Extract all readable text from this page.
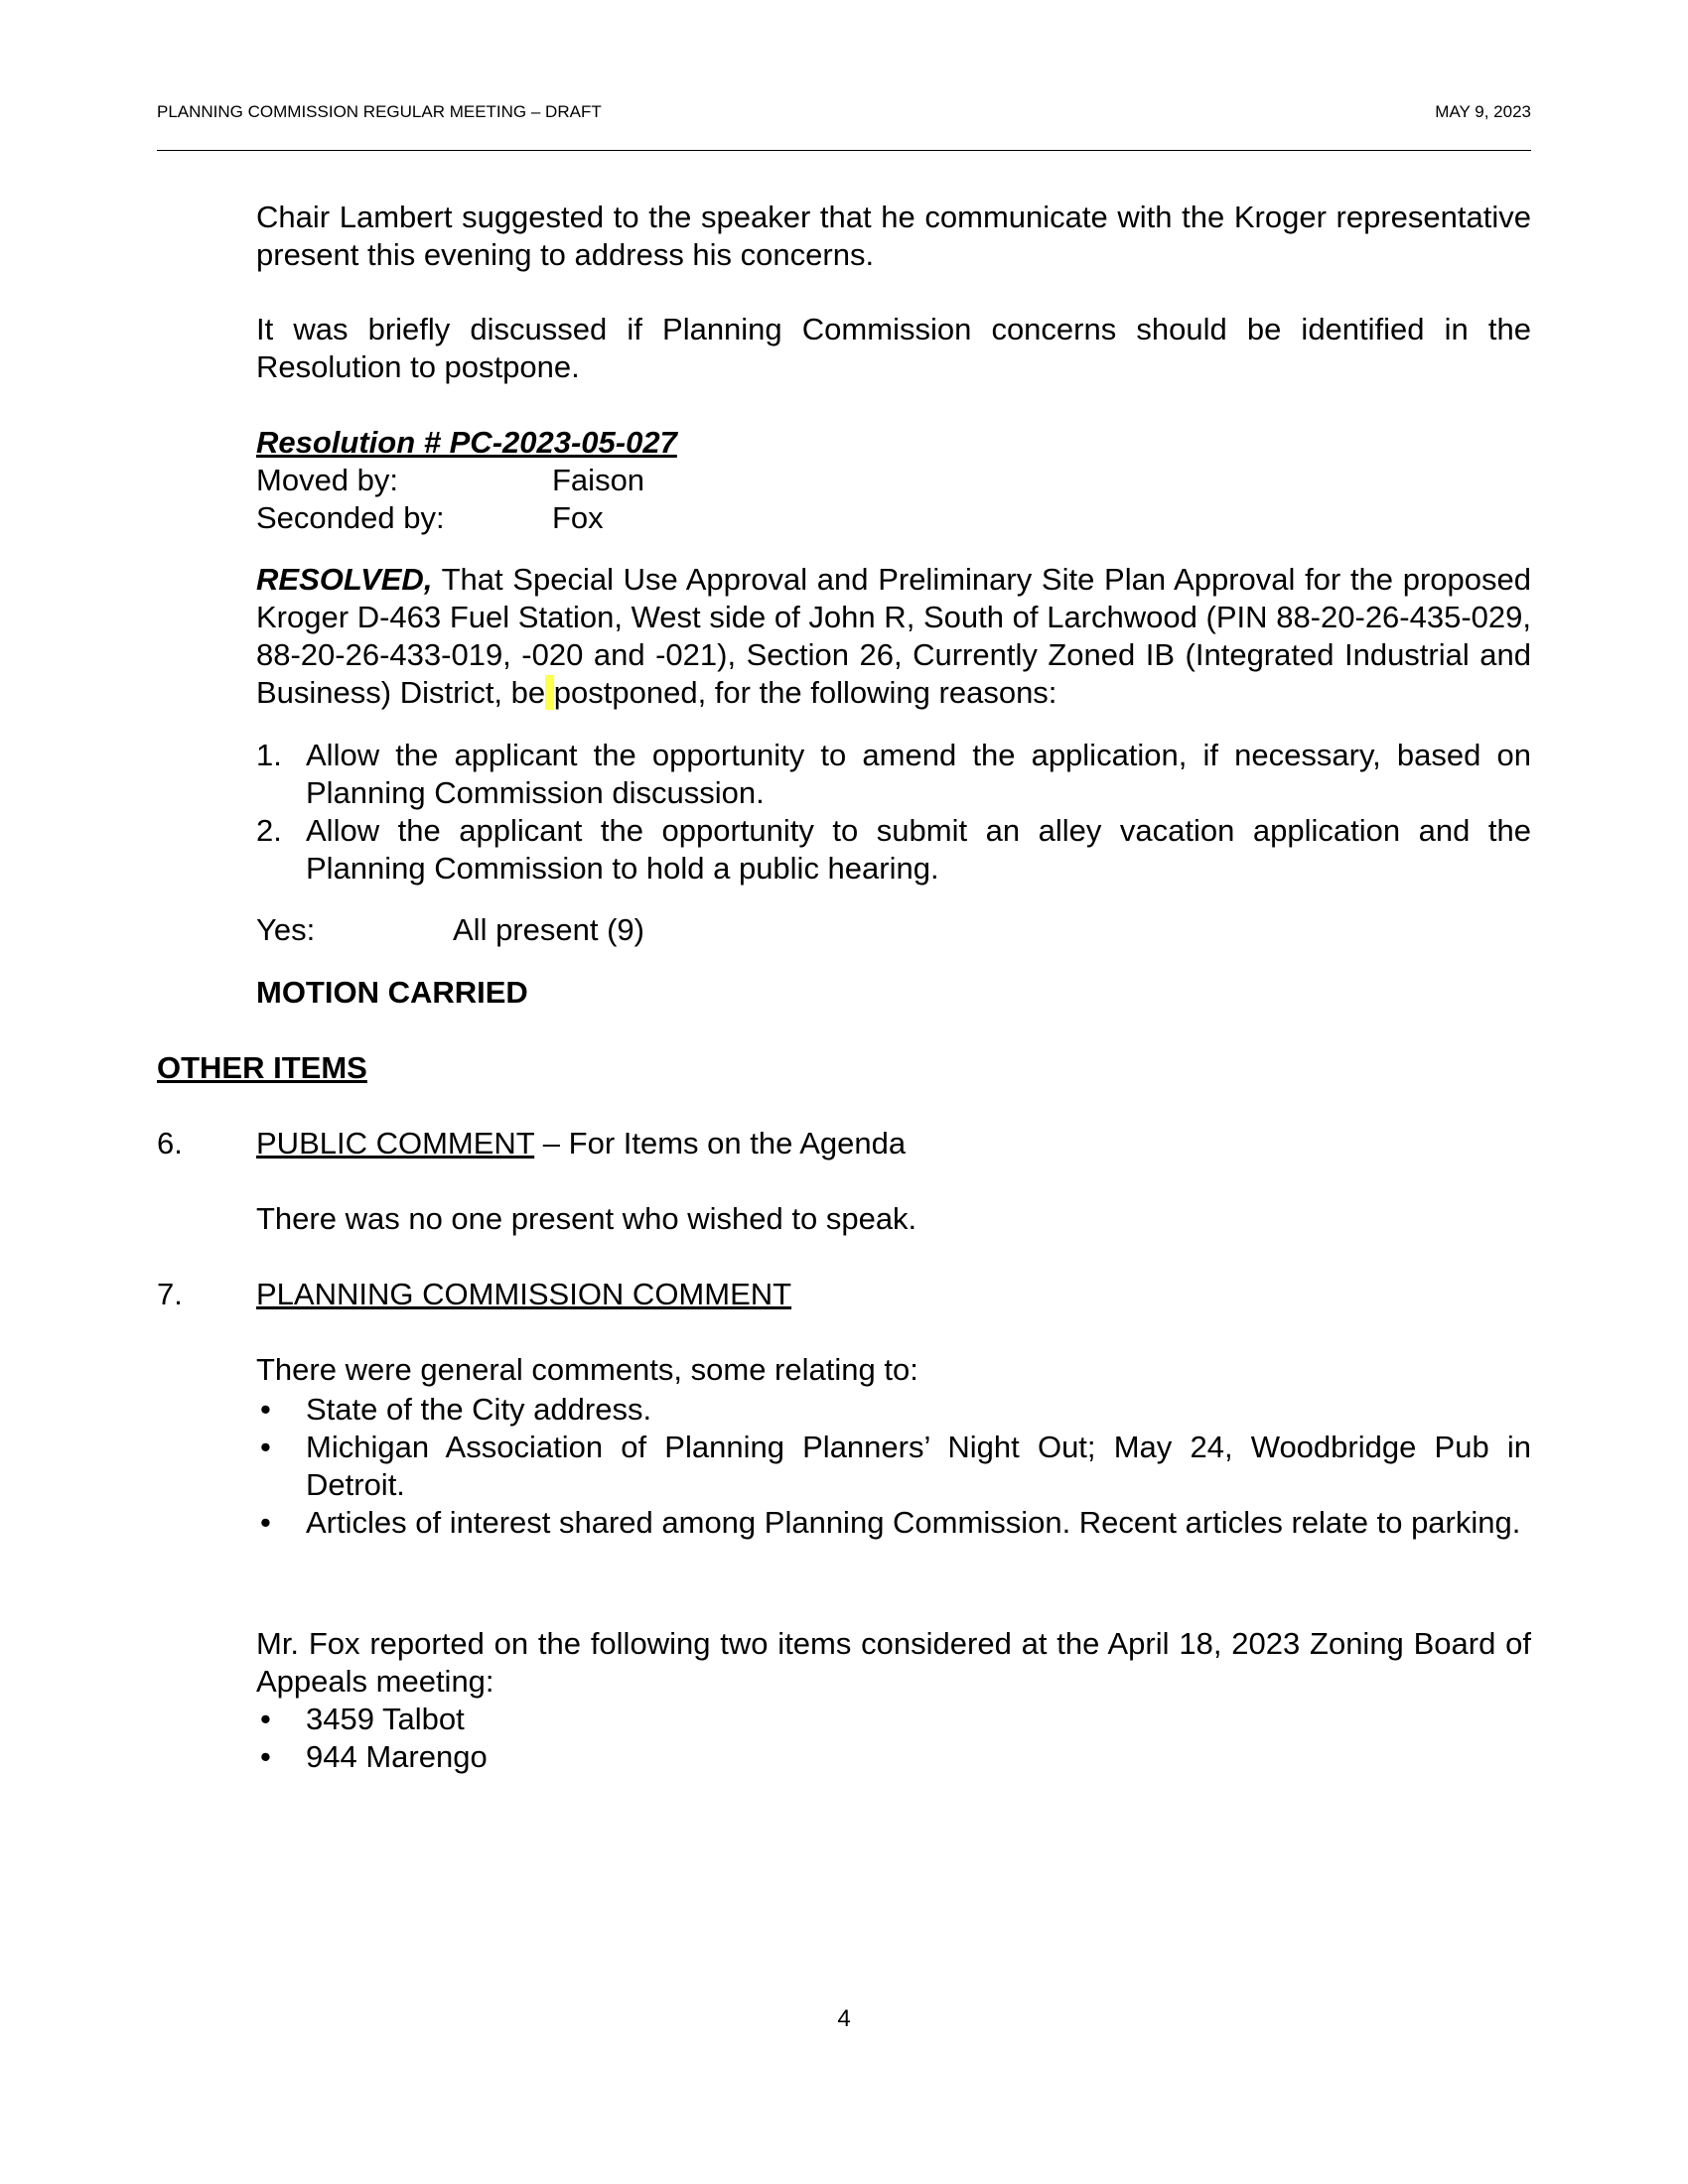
PLANNING COMMISSION REGULAR MEETING – DRAFT	MAY 9, 2023
Chair Lambert suggested to the speaker that he communicate with the Kroger representative present this evening to address his concerns.
It was briefly discussed if Planning Commission concerns should be identified in the Resolution to postpone.
Resolution # PC-2023-05-027
Moved by:	Faison
Seconded by:	Fox
RESOLVED, That Special Use Approval and Preliminary Site Plan Approval for the proposed Kroger D-463 Fuel Station, West side of John R, South of Larchwood (PIN 88-20-26-435-029, 88-20-26-433-019, -020 and -021), Section 26, Currently Zoned IB (Integrated Industrial and Business) District, be postponed, for the following reasons:
1. Allow the applicant the opportunity to amend the application, if necessary, based on Planning Commission discussion.
2. Allow the applicant the opportunity to submit an alley vacation application and the Planning Commission to hold a public hearing.
Yes:	All present (9)
MOTION CARRIED
OTHER ITEMS
6. PUBLIC COMMENT – For Items on the Agenda
There was no one present who wished to speak.
7. PLANNING COMMISSION COMMENT
There were general comments, some relating to:
• State of the City address.
• Michigan Association of Planning Planners’ Night Out; May 24, Woodbridge Pub in Detroit.
• Articles of interest shared among Planning Commission. Recent articles relate to parking.
Mr. Fox reported on the following two items considered at the April 18, 2023 Zoning Board of Appeals meeting:
• 3459 Talbot
• 944 Marengo
4
